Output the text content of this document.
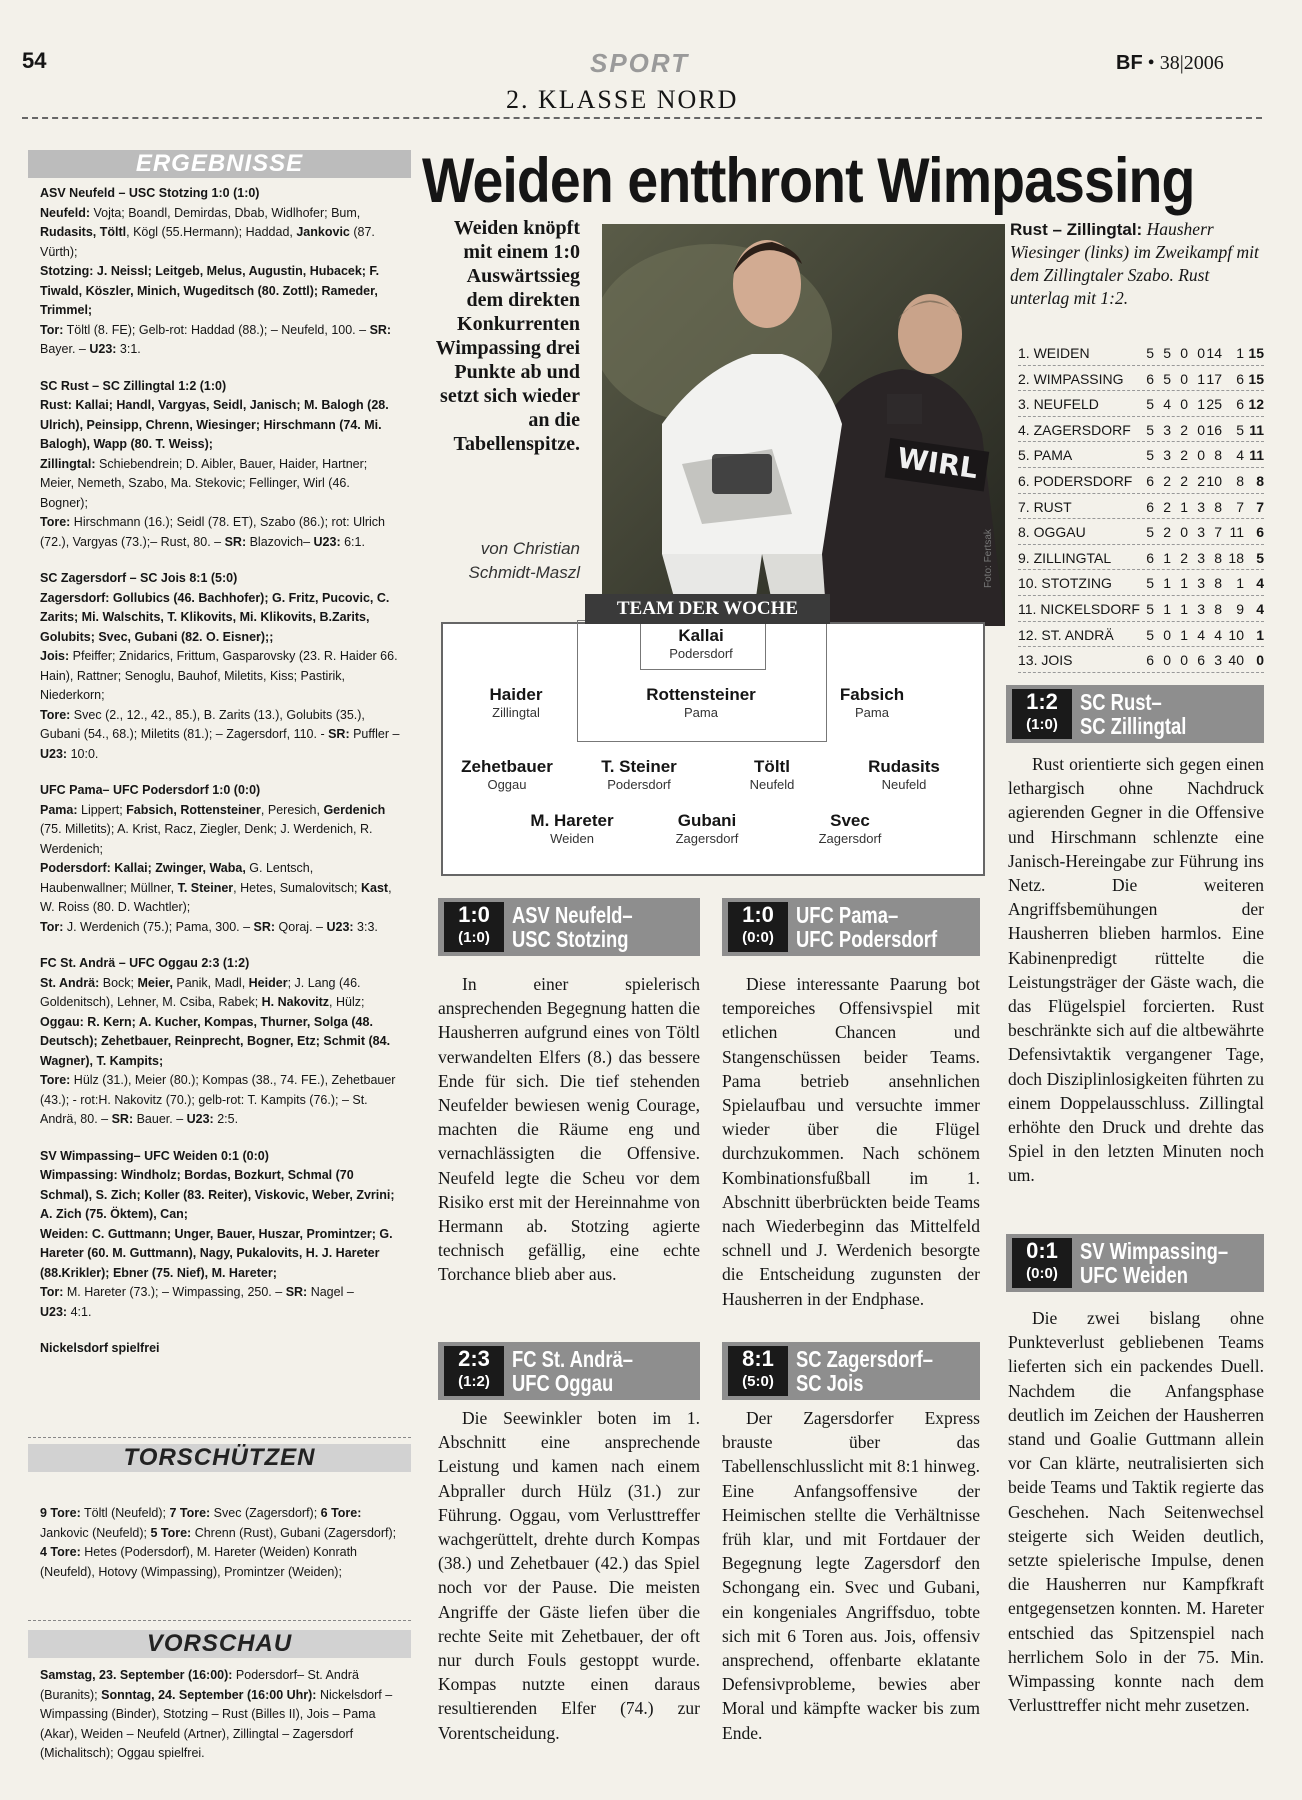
54	SPORT	BF • 38|2006
2. KLASSE NORD
Weiden entthront Wimpassing
ERGEBNISSE

ASV Neufeld – USC Stotzing 1:0 (1:0)
Neufeld: Vojta; Boandl, Demirdas, Dbab, Widlhofer; Bum, Rudasits, Töltl, Kögl (55.Hermann); Haddad, Jankovic (87. Vürth);
Stotzing: J. Neissl; Leitgeb, Melus, Augustin, Hubacek; F. Tiwald, Köszler, Minich, Wugeditsch (80. Zottl); Rameder, Trimmel;
Tor: Töltl (8. FE); Gelb-rot: Haddad (88.); – Neufeld, 100. – SR: Bayer. – U23: 3:1.

SC Rust – SC Zillingtal 1:2 (1:0)
Rust: Kallai; Handl, Vargyas, Seidl, Janisch; M. Balogh (28. Ulrich), Peinsipp, Chrenn, Wiesinger; Hirschmann (74. Mi. Balogh), Wapp (80. T. Weiss);
Zillingtal: Schiebendrein; D. Aibler, Bauer, Haider, Hartner; Meier, Nemeth, Szabo, Ma. Stekovic; Fellinger, Wirl (46. Bogner);
Tore: Hirschmann (16.); Seidl (78. ET), Szabo (86.); rot: Ulrich (72.), Vargyas (73.);– Rust, 80. – SR: Blazovich– U23: 6:1.

SC Zagersdorf – SC Jois 8:1 (5:0)
Zagersdorf: Gollubics (46. Bachhofer); G. Fritz, Pucovic, C. Zarits; Mi. Walschits, T. Klikovits, Mi. Klikovits, B.Zarits, Golubits; Svec, Gubani (82. O. Eisner);;
Jois: Pfeiffer; Znidarics, Frittum, Gasparovsky (23. R. Haider 66. Hain), Rattner; Senoglu, Bauhof, Miletits, Kiss; Pastirik, Niederkorn;
Tore: Svec (2., 12., 42., 85.), B. Zarits (13.), Golubits (35.), Gubani (54., 68.); Miletits (81.); – Zagersdorf, 110. - SR: Puffler – U23: 10:0.

UFC Pama– UFC Podersdorf 1:0 (0:0)
Pama: Lippert; Fabsich, Rottensteiner, Peresich, Gerdenich (75. Milletits); A. Krist, Racz, Ziegler, Denk; J. Werdenich, R. Werdenich;
Podersdorf: Kallai; Zwinger, Waba, G. Lentsch, Haubenwallner; Müllner, T. Steiner, Hetes, Sumalovitsch; Kast, W. Roiss (80. D. Wachtler);
Tor: J. Werdenich (75.); Pama, 300. – SR: Qoraj. – U23: 3:3.

FC St. Andrä – UFC Oggau 2:3 (1:2)
St. Andrä: Bock; Meier, Panik, Madl, Heider; J. Lang (46. Goldenitsch), Lehner, M. Csiba, Rabek; H. Nakovitz, Hülz;
Oggau: R. Kern; A. Kucher, Kompas, Thurner, Solga (48. Deutsch); Zehetbauer, Reinprecht, Bogner, Etz; Schmit (84. Wagner), T. Kampits;
Tore: Hülz (31.), Meier (80.); Kompas (38., 74. FE.), Zehetbauer (43.); - rot:H. Nakovitz (70.); gelb-rot: T. Kampits (76.); – St. Andrä, 80. – SR: Bauer. – U23: 2:5.

SV Wimpassing– UFC Weiden 0:1 (0:0)
Wimpassing: Windholz; Bordas, Bozkurt, Schmal (70 Schmal), S. Zich; Koller (83. Reiter), Viskovic, Weber, Zvrini; A. Zich (75. Öktem), Can;
Weiden: C. Guttmann; Unger, Bauer, Huszar, Promintzer; G. Hareter (60. M. Guttmann), Nagy, Pukalovits, H. J. Hareter (88.Krikler); Ebner (75. Nief), M. Hareter;
Tor: M. Hareter (73.); – Wimpassing, 250. – SR: Nagel –
U23: 4:1.

Nickelsdorf spielfrei

TORSCHÜTZEN
9 Tore: Töltl (Neufeld); 7 Tore: Svec (Zagersdorf); 6 Tore: Jankovic (Neufeld); 5 Tore: Chrenn (Rust), Gubani (Zagersdorf); 4 Tore: Hetes (Podersdorf), M. Hareter (Weiden) Konrath (Neufeld), Hotovy (Wimpassing), Promintzer (Weiden);
VORSCHAU
Samstag, 23. September (16:00): Podersdorf– St. Andrä (Buranits); Sonntag, 24. September (16:00 Uhr): Nickelsdorf – Wimpassing (Binder), Stotzing – Rust (Billes II), Jois – Pama (Akar), Weiden – Neufeld (Artner), Zillingtal – Zagersdorf (Michalitsch); Oggau spielfrei.
Weiden knöpft mit einem 1:0 Auswärtssieg dem direkten Konkurrenten Wimpassing drei Punkte ab und setzt sich wieder an die Tabellenspitze.
von Christian Schmidt-Maszl
WIRL
Foto: Fertsak
Rust – Zillingtal: Hausherr Wiesinger (links) im Zweikampf mit dem Zillingtaler Szabo. Rust unterlag mit 1:2.
1. WEIDEN	5 5 0 0 14 1 15
2. WIMPASSING 6 5 0 1 17 6 15
3. NEUFELD	5 4 0 1 25 6 12
4. ZAGERSDORF 5 3 2 0 16 5 11
5. PAMA	5 3 2 0 8 4 11
6. PODERSDORF 6 2 2 2 10 8 8
7. RUST	6 2 1 3 8 7 7
8. OGGAU	5 2 0 3 7 11 6
9. ZILLINGTAL	6 1 2 3 8 18 5
10. STOTZING 5 1 1 3 8 1 4
11. NICKELSDORF 5 1 1 3 8 9 4
12. ST. ANDRÄ 5 0 1 4 4 10 1
13. JOIS	6 0 0 6 3 40 0
TEAM DER WOCHE
Kallai
Podersdorf
Haider
Zillingtal
Rottensteiner
Pama
Fabsich
Pama
Zehetbauer
Oggau
T. Steiner
Podersdorf
Töltl
Neufeld
Rudasits
Neufeld
M. Hareter
Weiden
Gubani
Zagersdorf
Svec
Zagersdorf
1:0
(1:0)
ASV Neufeld–
USC Stotzing
In einer spielerisch ansprechenden Begegnung hatten die Hausherren aufgrund eines von Töltl verwandelten Elfers (8.) das bessere Ende für sich. Die tief stehenden Neufelder bewiesen wenig Courage, machten die Räume eng und vernachlässigten die Offensive. Neufeld legte die Scheu vor dem Risiko erst mit der Hereinnahme von Hermann ab. Stotzing agierte technisch gefällig, eine echte Torchance blieb aber aus.
1:0
(0:0)
UFC Pama–
UFC Podersdorf
Diese interessante Paarung bot temporeiches Offensivspiel mit etlichen Chancen und Stangenschüssen beider Teams. Pama betrieb ansehnlichen Spielaufbau und versuchte immer wieder über die Flügel durchzukommen. Nach schönem Kombinationsfußball im 1. Abschnitt überbrückten beide Teams nach Wiederbeginn das Mittelfeld schnell und J. Werdenich besorgte die Entscheidung zugunsten der Hausherren in der Endphase.
2:3
(1:2)
FC St. Andrä–
UFC Oggau
Die Seewinkler boten im 1. Abschnitt eine ansprechende Leistung und kamen nach einem Abpraller durch Hülz (31.) zur Führung. Oggau, vom Verlusttreffer wachgerüttelt, drehte durch Kompas (38.) und Zehetbauer (42.) das Spiel noch vor der Pause. Die meisten Angriffe der Gäste liefen über die rechte Seite mit Zehetbauer, der oft nur durch Fouls gestoppt wurde. Kompas nutzte einen daraus resultierenden Elfer (74.) zur Vorentscheidung.
8:1
(5:0)
SC Zagersdorf–
SC Jois
Der Zagersdorfer Express brauste über das Tabellenschlusslicht mit 8:1 hinweg. Eine Anfangsoffensive der Heimischen stellte die Verhältnisse früh klar, und mit Fortdauer der Begegnung legte Zagersdorf den Schongang ein. Svec und Gubani, ein kongeniales Angriffsduo, tobte sich mit 6 Toren aus. Jois, offensiv ansprechend, offenbarte eklatante Defensivprobleme, bewies aber Moral und kämpfte wacker bis zum Ende.
1:2
(1:0)
SC Rust–
SC Zillingtal
Rust orientierte sich gegen einen lethargisch ohne Nachdruck agierenden Gegner in die Offensive und Hirschmann schlenzte eine Janisch-Hereingabe zur Führung ins Netz. Die weiteren Angriffsbemühungen der Hausherren blieben harmlos. Eine Kabinenpredigt rüttelte die Leistungsträger der Gäste wach, die das Flügelspiel forcierten. Rust beschränkte sich auf die altbewährte Defensivtaktik vergangener Tage, doch Disziplinlosigkeiten führten zu einem Doppelausschluss. Zillingtal erhöhte den Druck und drehte das Spiel in den letzten Minuten noch um.
0:1
(0:0)
SV Wimpassing–
UFC Weiden
Die zwei bislang ohne Punkteverlust gebliebenen Teams lieferten sich ein packendes Duell. Nachdem die Anfangsphase deutlich im Zeichen der Hausherren stand und Goalie Guttmann allein vor Can klärte, neutralisierten sich beide Teams und Taktik regierte das Geschehen. Nach Seitenwechsel steigerte sich Weiden deutlich, setzte spielerische Impulse, denen die Hausherren nur Kampfkraft entgegensetzen konnten. M. Hareter entschied das Spitzenspiel nach herrlichem Solo in der 75. Min. Wimpassing konnte nach dem Verlusttreffer nicht mehr zusetzen.
